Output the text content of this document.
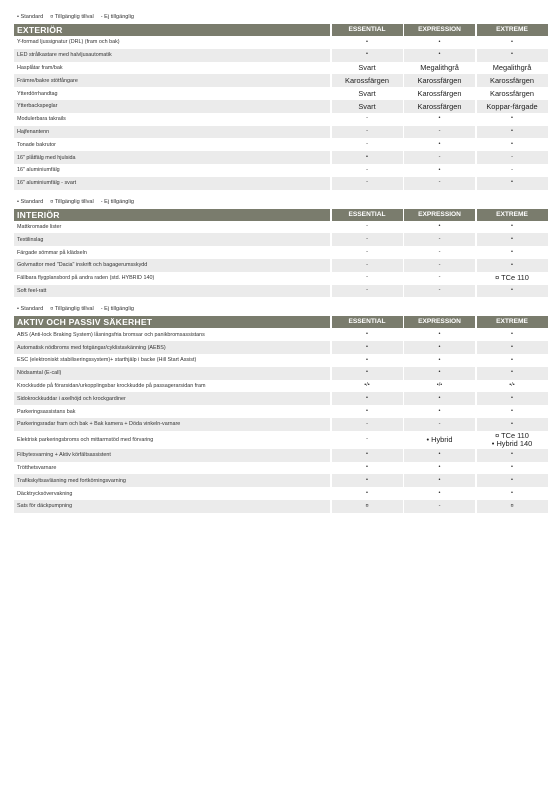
• Standard ¤ Tillgänglig tillval - Ej tillgänglig
EXTERIÖR	ESSENTIAL	EXPRESSION	EXTREME
Y-formad ljussignatur (DRL) (fram och bak)	•	•	•
LED strålkastare med halvljusautomatik	•	•	•
Hasplåtar fram/bak	Svart	Megalithgrå	Megalithgrå
Främre/bakre stötfångare	Karossfärgen	Karossfärgen	Karossfärgen
Ytterdörrhandtag	Svart	Karossfärgen	Karossfärgen
Ytterbackspeglar	Svart	Karossfärgen	Koppar-färgade
Modulerbara takrails	-	•	•
Hajfenantenn	-	-	•
Tonade bakrutor	-	•	•
16" plåtfälg med hjulsida	•	-	-
16" aluminiumfälg	-	•	-
16" aluminiumfälg - svart	-	-	•
• Standard ¤ Tillgänglig tillval - Ej tillgänglig
INTERIÖR	ESSENTIAL	EXPRESSION	EXTREME
Mattkromade lister	-	•	•
Textilinslag	-	-	•
Färgade sömmar på klädseln	-	-	•
Golvmattor med "Dacia" inskrift och bagagerumsskydd	-	-	•
Fällbara flygplansbord på andra raden (std. HYBRID 140)	-	-	¤ TCe 110
Soft feel-ratt	-	-	•
• Standard ¤ Tillgänglig tillval - Ej tillgänglig
AKTIV OCH PASSIV SÄKERHET	ESSENTIAL	EXPRESSION	EXTREME
ABS (Anti-lock Braking System) låsningsfria bromsar och panikbromsassistans	•	•	•
Automatisk nödbroms med fotgängar/cyklistavkänning (AEBS)	•	•	•
ESC (elektroniskt stabiliseringssystem)+ starthjälp i backe (Hill Start Assist)	•	•	•
Nödsamtal (E-call)	•	•	•
Krockkudde på förarsidan/urkopplingsbar krockkudde på passagerarsidan fram	•/•	•/•	•/•
Sidokrockkuddar i axelhöjd och krockgardiner	•	•	•
Parkeringsassistans bak	•	•	•
Parkeringsradar fram och bak + Bak kamera + Döda vinkeln-varnare	-	-	•
Elektrisk parkeringsbroms och mittarmstöd med förvaring	-	• Hybrid	¤ TCe 110
• Hybrid 140
Filbytesvarning + Aktiv körfältsassistent	•	•	•
Trötthetsvarnare	•	•	•
Trafikskyltsavläsning med fortkörningsvarning	•	•	•
Däcktrycksövervakning	•	•	•
Sats för däckpumpning	¤	-	¤
